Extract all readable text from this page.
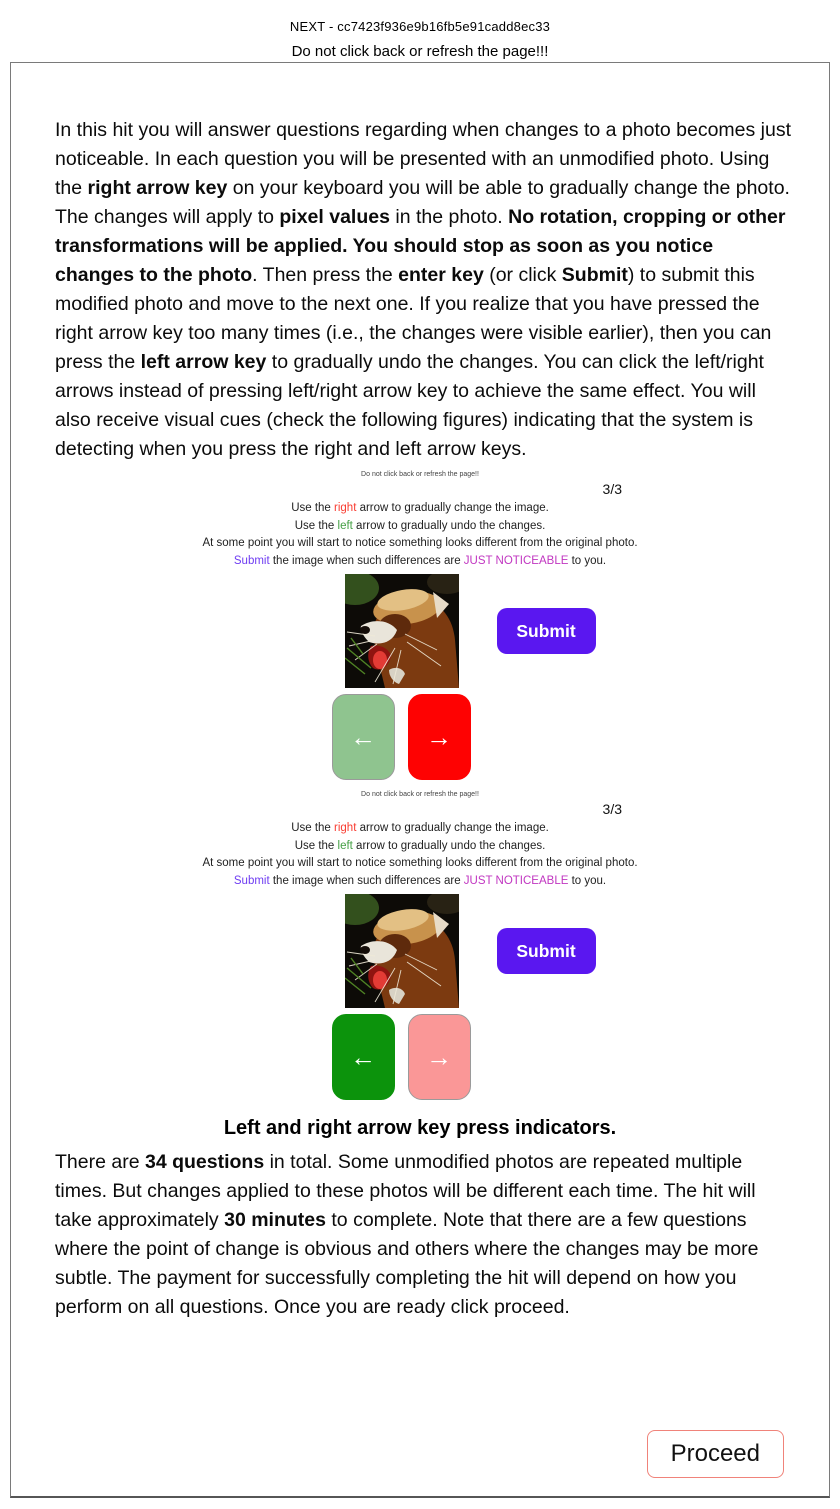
NEXT - cc7423f936e9b16fb5e91cadd8ec33
Do not click back or refresh the page!!!

In this hit you will answer questions regarding when changes to a photo becomes just noticeable. In each question you will be presented with an unmodified photo. Using the right arrow key on your keyboard you will be able to gradually change the photo. The changes will apply to pixel values in the photo. No rotation, cropping or other transformations will be applied. You should stop as soon as you notice changes to the photo. Then press the enter key (or click Submit) to submit this modified photo and move to the next one. If you realize that you have pressed the right arrow key too many times (i.e., the changes were visible earlier), then you can press the left arrow key to gradually undo the changes. You can click the left/right arrows instead of pressing left/right arrow key to achieve the same effect. You will also receive visual cues (check the following figures) indicating that the system is detecting when you press the right and left arrow keys.

Do not click back or refresh the page!!
3/3
Use the right arrow to gradually change the image.
Use the left arrow to gradually undo the changes.
At some point you will start to notice something looks different from the original photo.
Submit the image when such differences are JUST NOTICEABLE to you.
Submit
←	→
Do not click back or refresh the page!!
3/3
Use the right arrow to gradually change the image.
Use the left arrow to gradually undo the changes.
At some point you will start to notice something looks different from the original photo.
Submit the image when such differences are JUST NOTICEABLE to you.
Submit
←	→
Left and right arrow key press indicators.

There are 34 questions in total. Some unmodified photos are repeated multiple times. But changes applied to these photos will be different each time. The hit will take approximately 30 minutes to complete. Note that there are a few questions where the point of change is obvious and others where the changes may be more subtle. The payment for successfully completing the hit will depend on how you perform on all questions. Once you are ready click proceed.

Proceed
